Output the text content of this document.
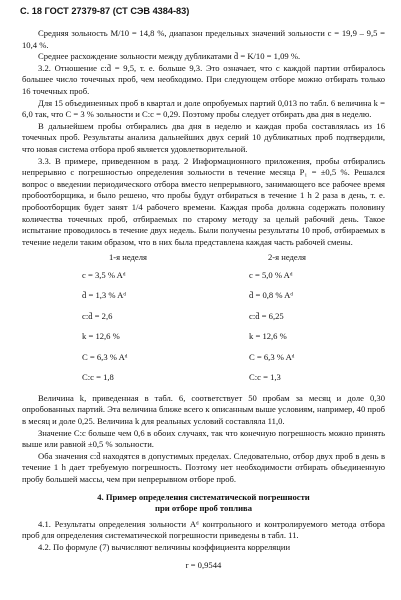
С. 18 ГОСТ 27379-87 (СТ СЭВ 4384-83)

Средняя зольность M/10 = 14,8 %, диапазон предельных значений зольности c = 19,9 – 9,5 = 10,4 %.

Среднее расхождение зольности между дубликатами d̄ = K/10 = 1,09 %.

3.2. Отношение c:d̄ = 9,5, т. е. больше 9,3. Это означает, что с каждой партии отбиралось большее число точечных проб, чем необходимо. При следующем отборе можно отбирать только 16 точечных проб.

Для 15 объединенных проб в квартал и доле опробуемых партий 0,013 по табл. 6 величина k = 6,0 так, что C = 3 % зольности и C:c = 0,29. Поэтому пробы следует отбирать два дня в неделю.

В дальнейшем пробы отбирались два дня в неделю и каждая проба составлялась из 16 точечных проб. Результаты анализа дальнейших двух серий 10 дубликатных проб подтвердили, что новая система отбора проб является удовлетворительной.

3.3. В примере, приведенном в разд. 2 Информационного приложения, пробы отбирались непрерывно с погрешностью определения зольности в течение месяца P₁ = ±0,5 %. Решался вопрос о введении периодического отбора вместо непрерывного, занимающего все рабочее время пробоотборщика, и было решено, что пробы будут отбираться в течение 1 h 2 раза в день, т. е. пробоотборщик будет занят 1/4 рабочего времени. Каждая проба должна содержать половину количества точечных проб, отбираемых по старому методу за целый рабочий день. Такое испытание проводилось в течение двух недель. Были получены результаты 10 проб, отбираемых в течение недели таким образом, что в них была представлена каждая часть рабочей смены.

1-я неделя
c = 3,5 % Aᵈ
d̄ = 1,3 % Aᵈ
c:d̄ = 2,6
k = 12,6 %
C = 6,3 % Aᵈ
C:c = 1,8
2-я неделя
c = 5,0 % Aᵈ
d̄ = 0,8 % Aᵈ
c:d̄ = 6,25
k = 12,6 %
C = 6,3 % Aᵈ
C:c = 1,3

Величина k, приведенная в табл. 6, соответствует 50 пробам за месяц и доле 0,30 опробованных партий. Эта величина ближе всего к описанным выше условиям, например, 40 проб в месяц и доле 0,25. Величина k для реальных условий составляла 11,0.

Значение C:c больше чем 0,6 в обоих случаях, так что конечную погрешность можно принять выше или равной ±0,5 % зольности.

Оба значения c:d̄ находятся в допустимых пределах. Следовательно, отбор двух проб в день в течение 1 h дает требуемую погрешность. Поэтому нет необходимости отбирать объединенную пробу большей массы, чем при непрерывном отборе проб.

4. Пример определения систематической погрешности
при отборе проб топлива

4.1. Результаты определения зольности Aᵈ контрольного и контролируемого метода отбора проб для определения систематической погрешности приведены в табл. 11.

4.2. По формуле (7) вычисляют величины коэффициента корреляции

r = 0,9544
